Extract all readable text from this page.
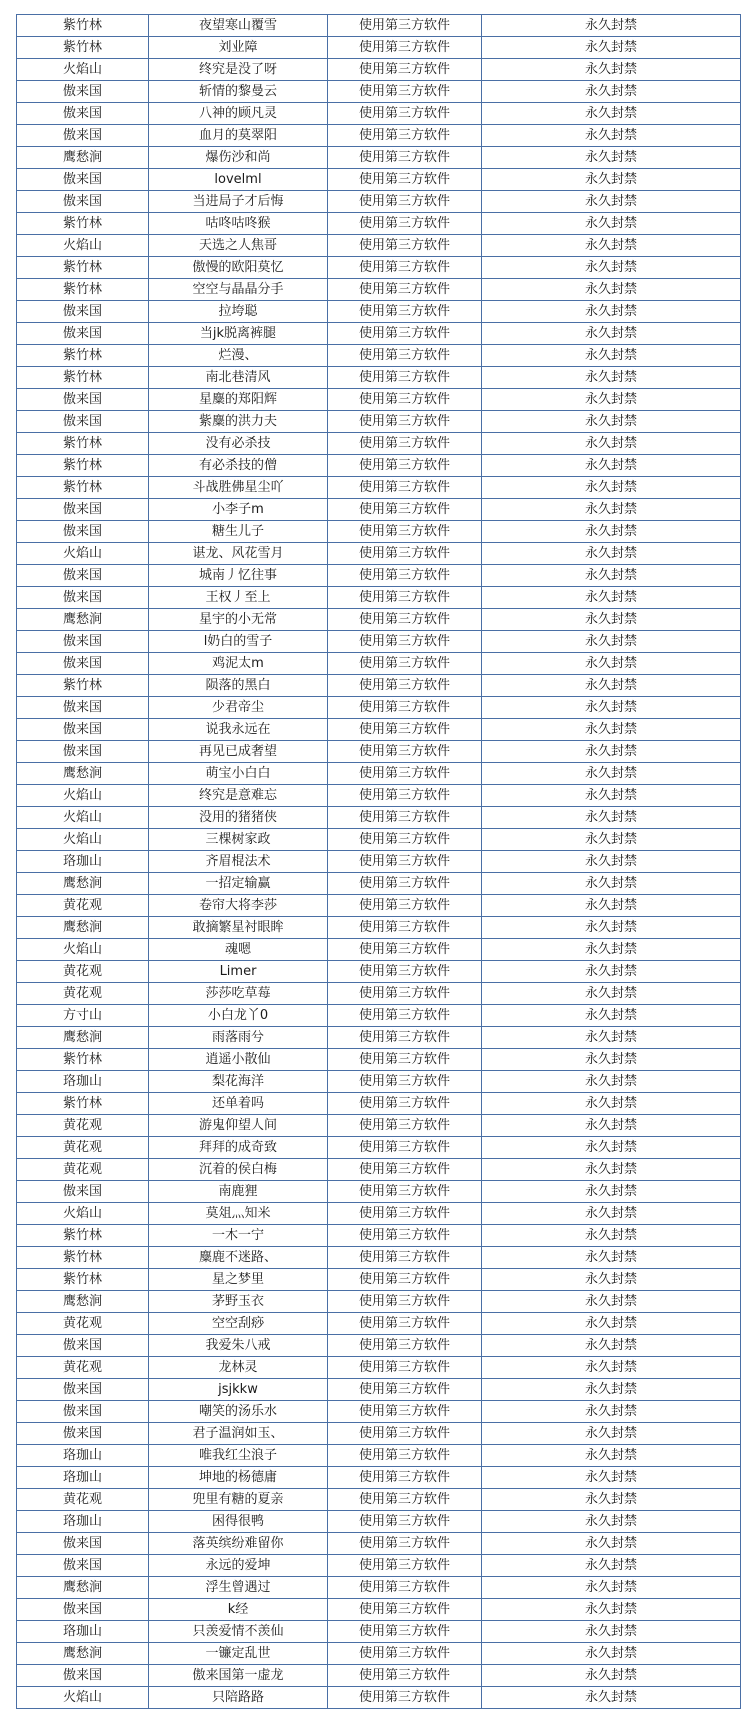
紫竹林	夜望寒山覆雪	使用第三方软件	永久封禁
紫竹林	刘业障	使用第三方软件	永久封禁
火焰山	终究是没了呀	使用第三方软件	永久封禁
傲来国	斩情的黎曼云	使用第三方软件	永久封禁
傲来国	八神的顾凡灵	使用第三方软件	永久封禁
傲来国	血月的莫翠阳	使用第三方软件	永久封禁
鹰愁涧	爆伤沙和尚	使用第三方软件	永久封禁
傲来国	lovelml	使用第三方软件	永久封禁
傲来国	当进局子才后悔	使用第三方软件	永久封禁
紫竹林	咕咚咕咚猴	使用第三方软件	永久封禁
火焰山	天选之人焦哥	使用第三方软件	永久封禁
紫竹林	傲慢的欧阳莫忆	使用第三方软件	永久封禁
紫竹林	空空与晶晶分手	使用第三方软件	永久封禁
傲来国	拉垮聪	使用第三方软件	永久封禁
傲来国	当jk脱离裤腿	使用第三方软件	永久封禁
紫竹林	烂漫、	使用第三方软件	永久封禁
紫竹林	南北巷清风	使用第三方软件	永久封禁
傲来国	星麋的郑阳辉	使用第三方软件	永久封禁
傲来国	紫麋的洪力夫	使用第三方软件	永久封禁
紫竹林	没有必杀技	使用第三方软件	永久封禁
紫竹林	有必杀技的僧	使用第三方软件	永久封禁
紫竹林	斗战胜佛星尘吖	使用第三方软件	永久封禁
傲来国	小李子m	使用第三方软件	永久封禁
傲来国	糖生儿子	使用第三方软件	永久封禁
火焰山	谌龙、风花雪月	使用第三方软件	永久封禁
傲来国	城南丿忆往事	使用第三方软件	永久封禁
傲来国	王权丿至上	使用第三方软件	永久封禁
鹰愁涧	星宇的小无常	使用第三方软件	永久封禁
傲来国	l奶白的雪子	使用第三方软件	永久封禁
傲来国	鸡泥太m	使用第三方软件	永久封禁
紫竹林	陨落的黑白	使用第三方软件	永久封禁
傲来国	少君帝尘	使用第三方软件	永久封禁
傲来国	说我永远在	使用第三方软件	永久封禁
傲来国	再见已成奢望	使用第三方软件	永久封禁
鹰愁涧	萌宝小白白	使用第三方软件	永久封禁
火焰山	终究是意难忘	使用第三方软件	永久封禁
火焰山	没用的猪猪侠	使用第三方软件	永久封禁
火焰山	三棵树家政	使用第三方软件	永久封禁
珞珈山	齐眉棍法术	使用第三方软件	永久封禁
鹰愁涧	一招定输赢	使用第三方软件	永久封禁
黄花观	卷帘大将李莎	使用第三方软件	永久封禁
鹰愁涧	敢摘繁星衬眼眸	使用第三方软件	永久封禁
火焰山	魂嗯	使用第三方软件	永久封禁
黄花观	Limer	使用第三方软件	永久封禁
黄花观	莎莎吃草莓	使用第三方软件	永久封禁
方寸山	小白龙丫0	使用第三方软件	永久封禁
鹰愁涧	雨落雨兮	使用第三方软件	永久封禁
紫竹林	逍遥小散仙	使用第三方软件	永久封禁
珞珈山	梨花海洋	使用第三方软件	永久封禁
紫竹林	还单着吗	使用第三方软件	永久封禁
黄花观	游鬼仰望人间	使用第三方软件	永久封禁
黄花观	拜拜的成奇致	使用第三方软件	永久封禁
黄花观	沉着的侯白梅	使用第三方软件	永久封禁
傲来国	南鹿狸	使用第三方软件	永久封禁
火焰山	莫俎灬知米	使用第三方软件	永久封禁
紫竹林	一木一宁	使用第三方软件	永久封禁
紫竹林	麋鹿不迷路、	使用第三方软件	永久封禁
紫竹林	星之梦里	使用第三方软件	永久封禁
鹰愁涧	茅野玉衣	使用第三方软件	永久封禁
黄花观	空空刮痧	使用第三方软件	永久封禁
傲来国	我爱朱八戒	使用第三方软件	永久封禁
黄花观	龙林灵	使用第三方软件	永久封禁
傲来国	jsjkkw	使用第三方软件	永久封禁
傲来国	嘲笑的汤乐水	使用第三方软件	永久封禁
傲来国	君子温润如玉、	使用第三方软件	永久封禁
珞珈山	唯我红尘浪子	使用第三方软件	永久封禁
珞珈山	坤地的杨德庸	使用第三方软件	永久封禁
黄花观	兜里有糖的夏亲	使用第三方软件	永久封禁
珞珈山	困得很鸭	使用第三方软件	永久封禁
傲来国	落英缤纷难留你	使用第三方软件	永久封禁
傲来国	永远的爱坤	使用第三方软件	永久封禁
鹰愁涧	浮生曾遇过	使用第三方软件	永久封禁
傲来国	k经	使用第三方软件	永久封禁
珞珈山	只羡爱情不羡仙	使用第三方软件	永久封禁
鹰愁涧	一镰定乱世	使用第三方软件	永久封禁
傲来国	傲来国第一虚龙	使用第三方软件	永久封禁
火焰山	只陪路路	使用第三方软件	永久封禁
